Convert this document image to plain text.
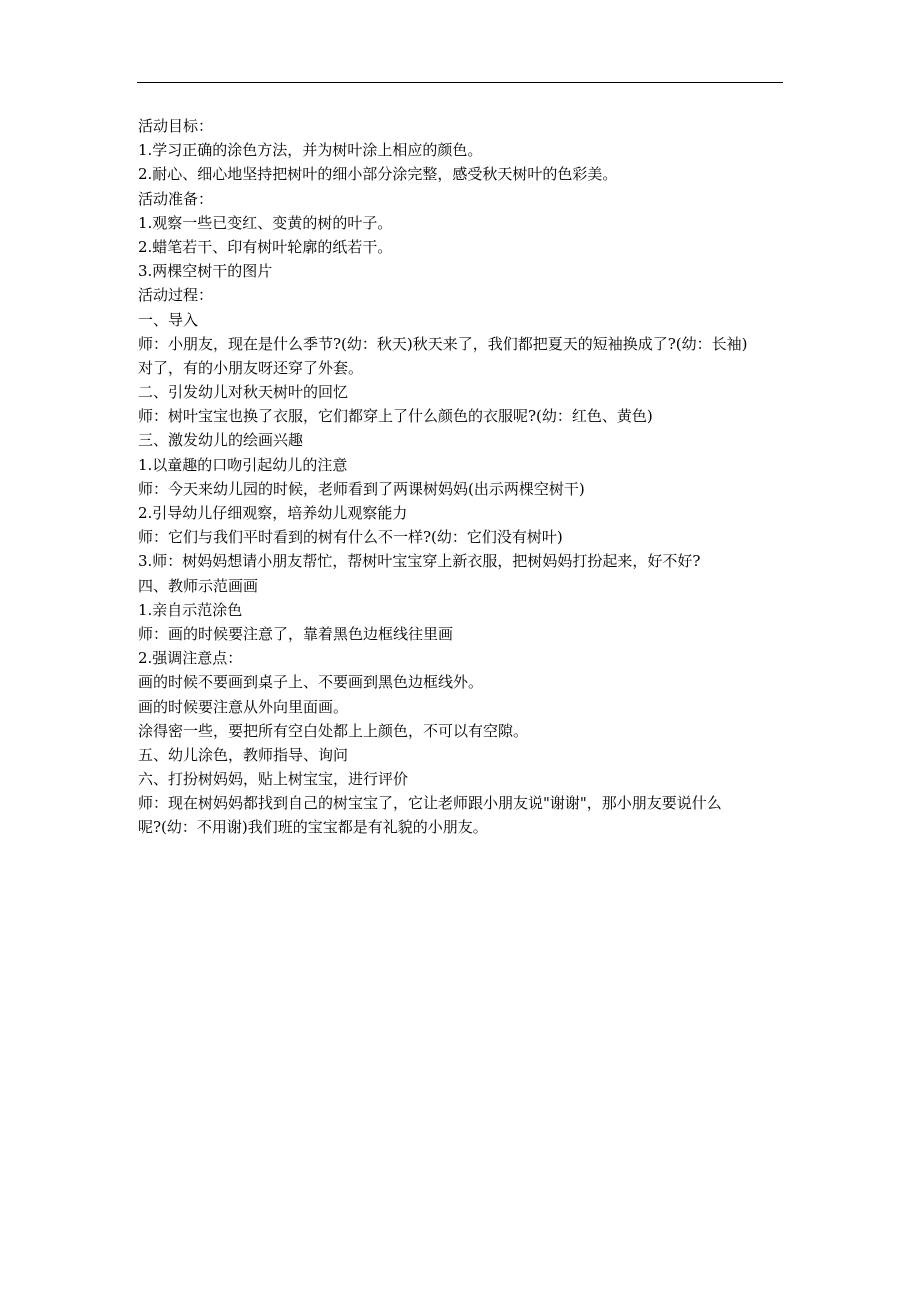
活动目标：
1.学习正确的涂色方法，并为树叶涂上相应的颜色。
2.耐心、细心地坚持把树叶的细小部分涂完整，感受秋天树叶的色彩美。
活动准备：
1.观察一些已变红、变黄的树的叶子。
2.蜡笔若干、印有树叶轮廓的纸若干。
3.两棵空树干的图片
活动过程：
一、导入
师：小朋友，现在是什么季节?(幼：秋天)秋天来了，我们都把夏天的短袖换成了?(幼：长袖)
对了，有的小朋友呀还穿了外套。
二、引发幼儿对秋天树叶的回忆
师：树叶宝宝也换了衣服，它们都穿上了什么颜色的衣服呢?(幼：红色、黄色)
三、激发幼儿的绘画兴趣
1.以童趣的口吻引起幼儿的注意
师：今天来幼儿园的时候，老师看到了两课树妈妈(出示两棵空树干)
2.引导幼儿仔细观察，培养幼儿观察能力
师：它们与我们平时看到的树有什么不一样?(幼：它们没有树叶)
3.师：树妈妈想请小朋友帮忙，帮树叶宝宝穿上新衣服，把树妈妈打扮起来，好不好?
四、教师示范画画
1.亲自示范涂色
师：画的时候要注意了，靠着黑色边框线往里画
2.强调注意点：
画的时候不要画到桌子上、不要画到黑色边框线外。
画的时候要注意从外向里面画。
涂得密一些，要把所有空白处都上上颜色，不可以有空隙。
五、幼儿涂色，教师指导、询问
六、打扮树妈妈，贴上树宝宝，进行评价
师：现在树妈妈都找到自己的树宝宝了，它让老师跟小朋友说"谢谢"，那小朋友要说什么
呢?(幼：不用谢)我们班的宝宝都是有礼貌的小朋友。
